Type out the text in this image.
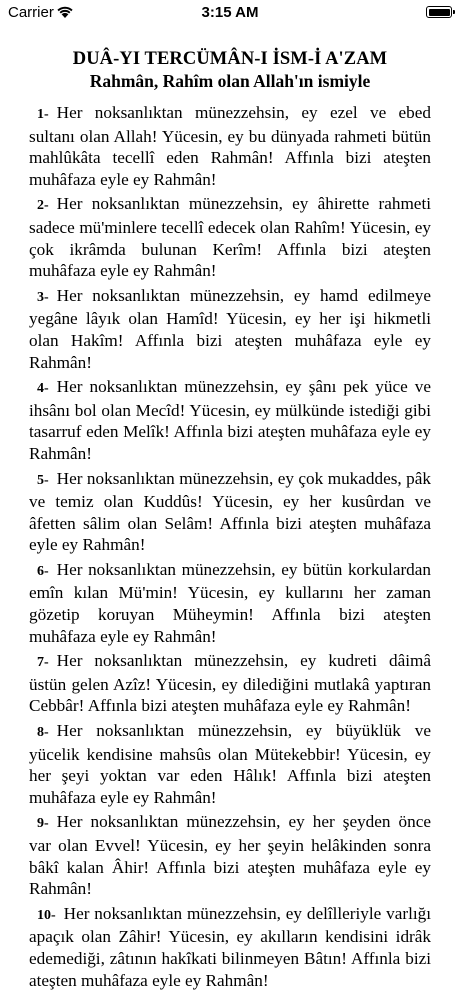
Carrier	3:15 AM
DUÂ-YI TERCÜMÂN-I İSM-İ A'ZAM
Rahmân, Rahîm olan Allah'ın ismiyle

1- Her noksanlıktan münezzehsin, ey ezel ve ebed sultanı olan Allah! Yücesin, ey bu dünyada rahmeti bütün mahlûkâta tecellî eden Rahmân! Affınla bizi ateşten muhâfaza eyle ey Rahmân!

2- Her noksanlıktan münezzehsin, ey âhirette rahmeti sadece mü'minlere tecellî edecek olan Rahîm! Yücesin, ey çok ikrâmda bulunan Kerîm! Affınla bizi ateşten muhâfaza eyle ey Rahmân!

3- Her noksanlıktan münezzehsin, ey hamd edilmeye yegâne lâyık olan Hamîd! Yücesin, ey her işi hikmetli olan Hakîm! Affınla bizi ateşten muhâfaza eyle ey Rahmân!

4- Her noksanlıktan münezzehsin, ey şânı pek yüce ve ihsânı bol olan Mecîd! Yücesin, ey mülkünde istediği gibi tasarruf eden Melîk! Affınla bizi ateşten muhâfaza eyle ey Rahmân!

5- Her noksanlıktan münezzehsin, ey çok mukaddes, pâk ve temiz olan Kuddûs! Yücesin, ey her kusûrdan ve âfetten sâlim olan Selâm! Affınla bizi ateşten muhâfaza eyle ey Rahmân!

6- Her noksanlıktan münezzehsin, ey bütün korkulardan emîn kılan Mü'min! Yücesin, ey kullarını her zaman gözetip koruyan Müheymin! Affınla bizi ateşten muhâfaza eyle ey Rahmân!

7- Her noksanlıktan münezzehsin, ey kudreti dâimâ üstün gelen Azîz! Yücesin, ey dilediğini mutlakâ yaptıran Cebbâr! Affınla bizi ateşten muhâfaza eyle ey Rahmân!

8- Her noksanlıktan münezzehsin, ey büyüklük ve yücelik kendisine mahsûs olan Mütekebbir! Yücesin, ey her şeyi yoktan var eden Hâlık! Affınla bizi ateşten muhâfaza eyle ey Rahmân!

9- Her noksanlıktan münezzehsin, ey her şeyden önce var olan Evvel! Yücesin, ey her şeyin helâkinden sonra bâkî kalan Âhir! Affınla bizi ateşten muhâfaza eyle ey Rahmân!

10- Her noksanlıktan münezzehsin, ey delîlleriyle varlığı apaçık olan Zâhir! Yücesin, ey akılların kendisini idrâk edemediği, zâtının hakîkati bilinmeyen Bâtın! Affınla bizi ateşten muhâfaza eyle ey Rahmân!
